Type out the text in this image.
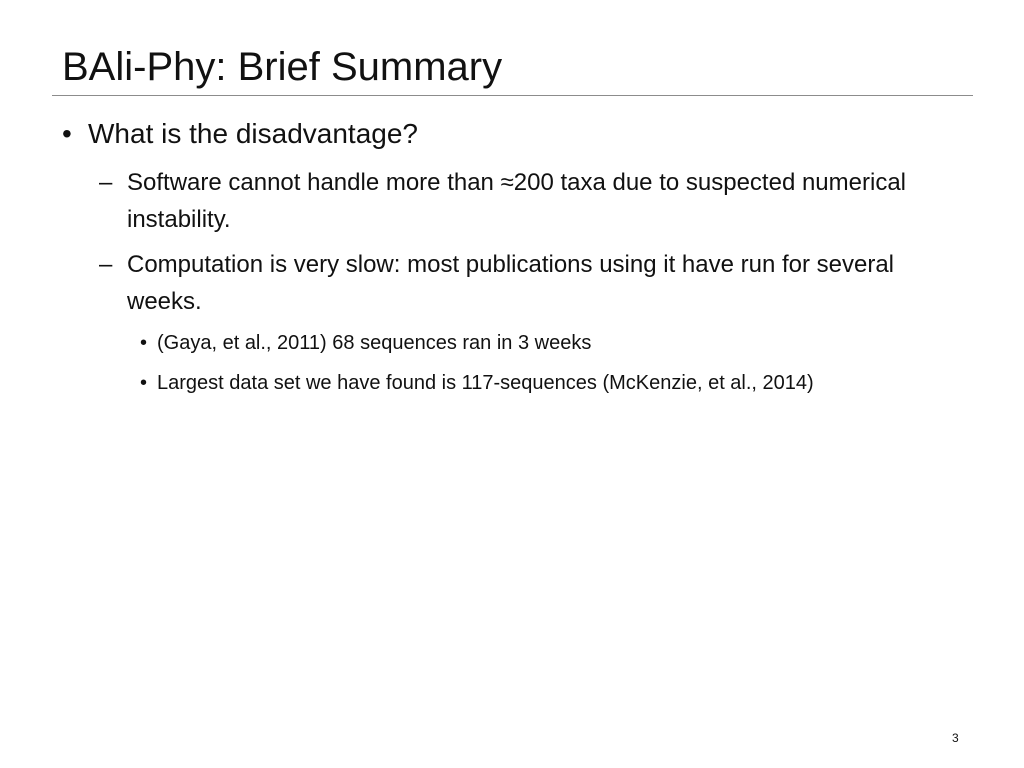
BAli-Phy: Brief Summary
• What is the disadvantage?
– Software cannot handle more than ≈200 taxa due to suspected numerical instability.
– Computation is very slow: most publications using it have run for several weeks.
• (Gaya, et al., 2011) 68 sequences ran in 3 weeks
• Largest data set we have found is 117-sequences (McKenzie, et al., 2014)
3
